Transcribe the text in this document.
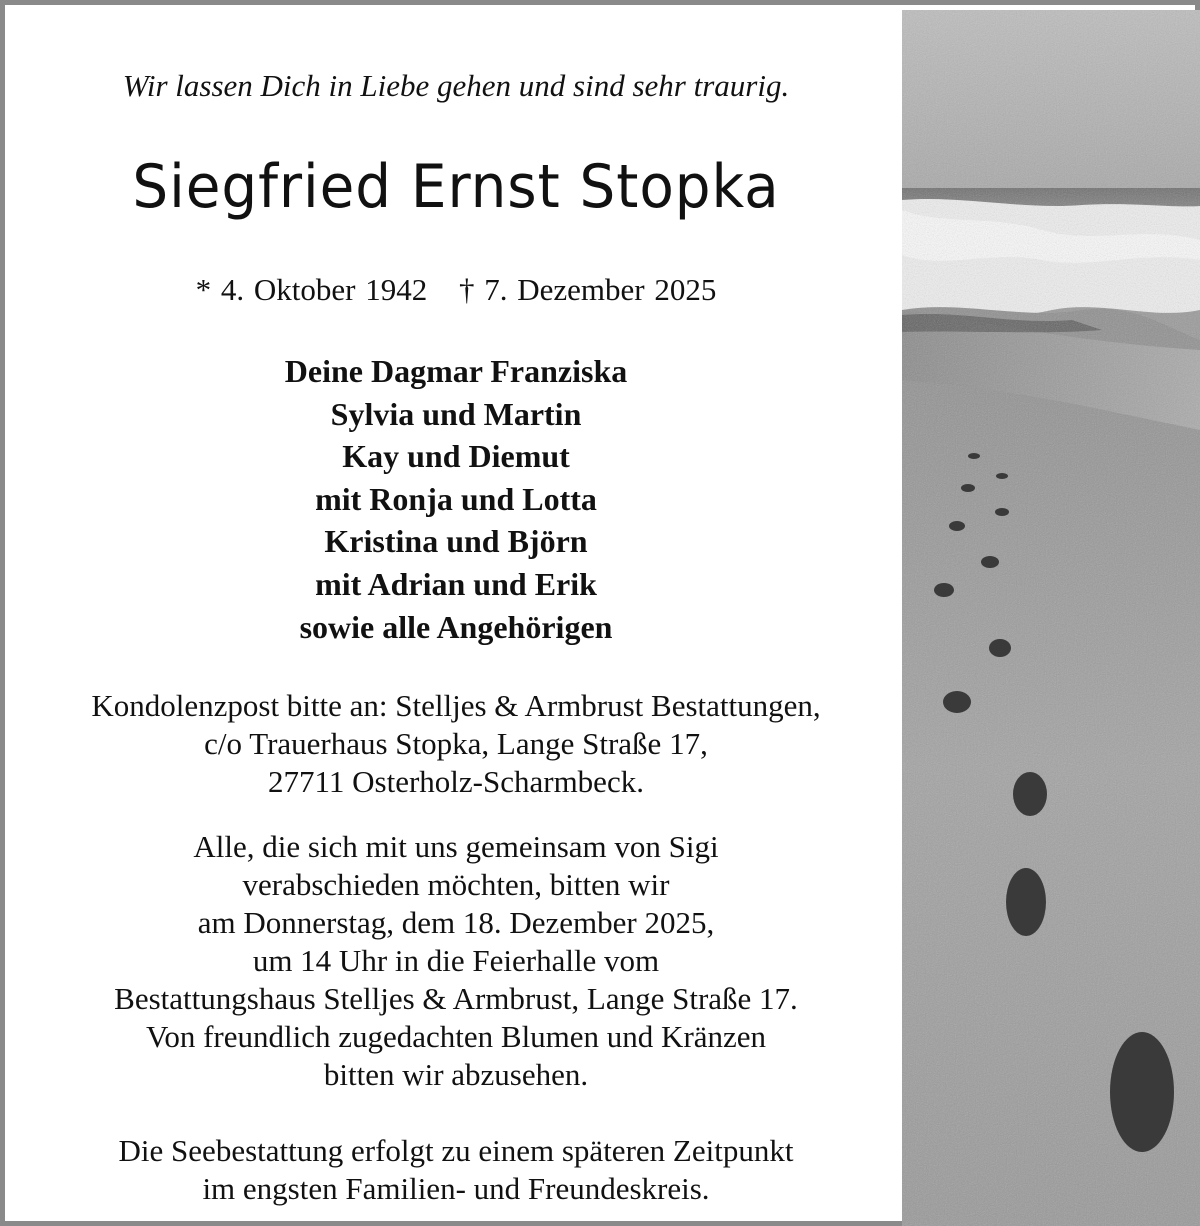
Wir lassen Dich in Liebe gehen und sind sehr traurig.
Siegfried Ernst Stopka
* 4. Oktober 1942 † 7. Dezember 2025
Deine Dagmar Franziska
Sylvia und Martin
Kay und Diemut
mit Ronja und Lotta
Kristina und Björn
mit Adrian und Erik
sowie alle Angehörigen
Kondolenzpost bitte an: Stelljes & Armbrust Bestattungen,
c/o Trauerhaus Stopka, Lange Straße 17,
27711 Osterholz-Scharmbeck.
Alle, die sich mit uns gemeinsam von Sigi
verabschieden möchten, bitten wir
am Donnerstag, dem 18. Dezember 2025,
um 14 Uhr in die Feierhalle vom
Bestattungshaus Stelljes & Armbrust, Lange Straße 17.
Von freundlich zugedachten Blumen und Kränzen
bitten wir abzusehen.
Die Seebestattung erfolgt zu einem späteren Zeitpunkt
im engsten Familien- und Freundeskreis.
